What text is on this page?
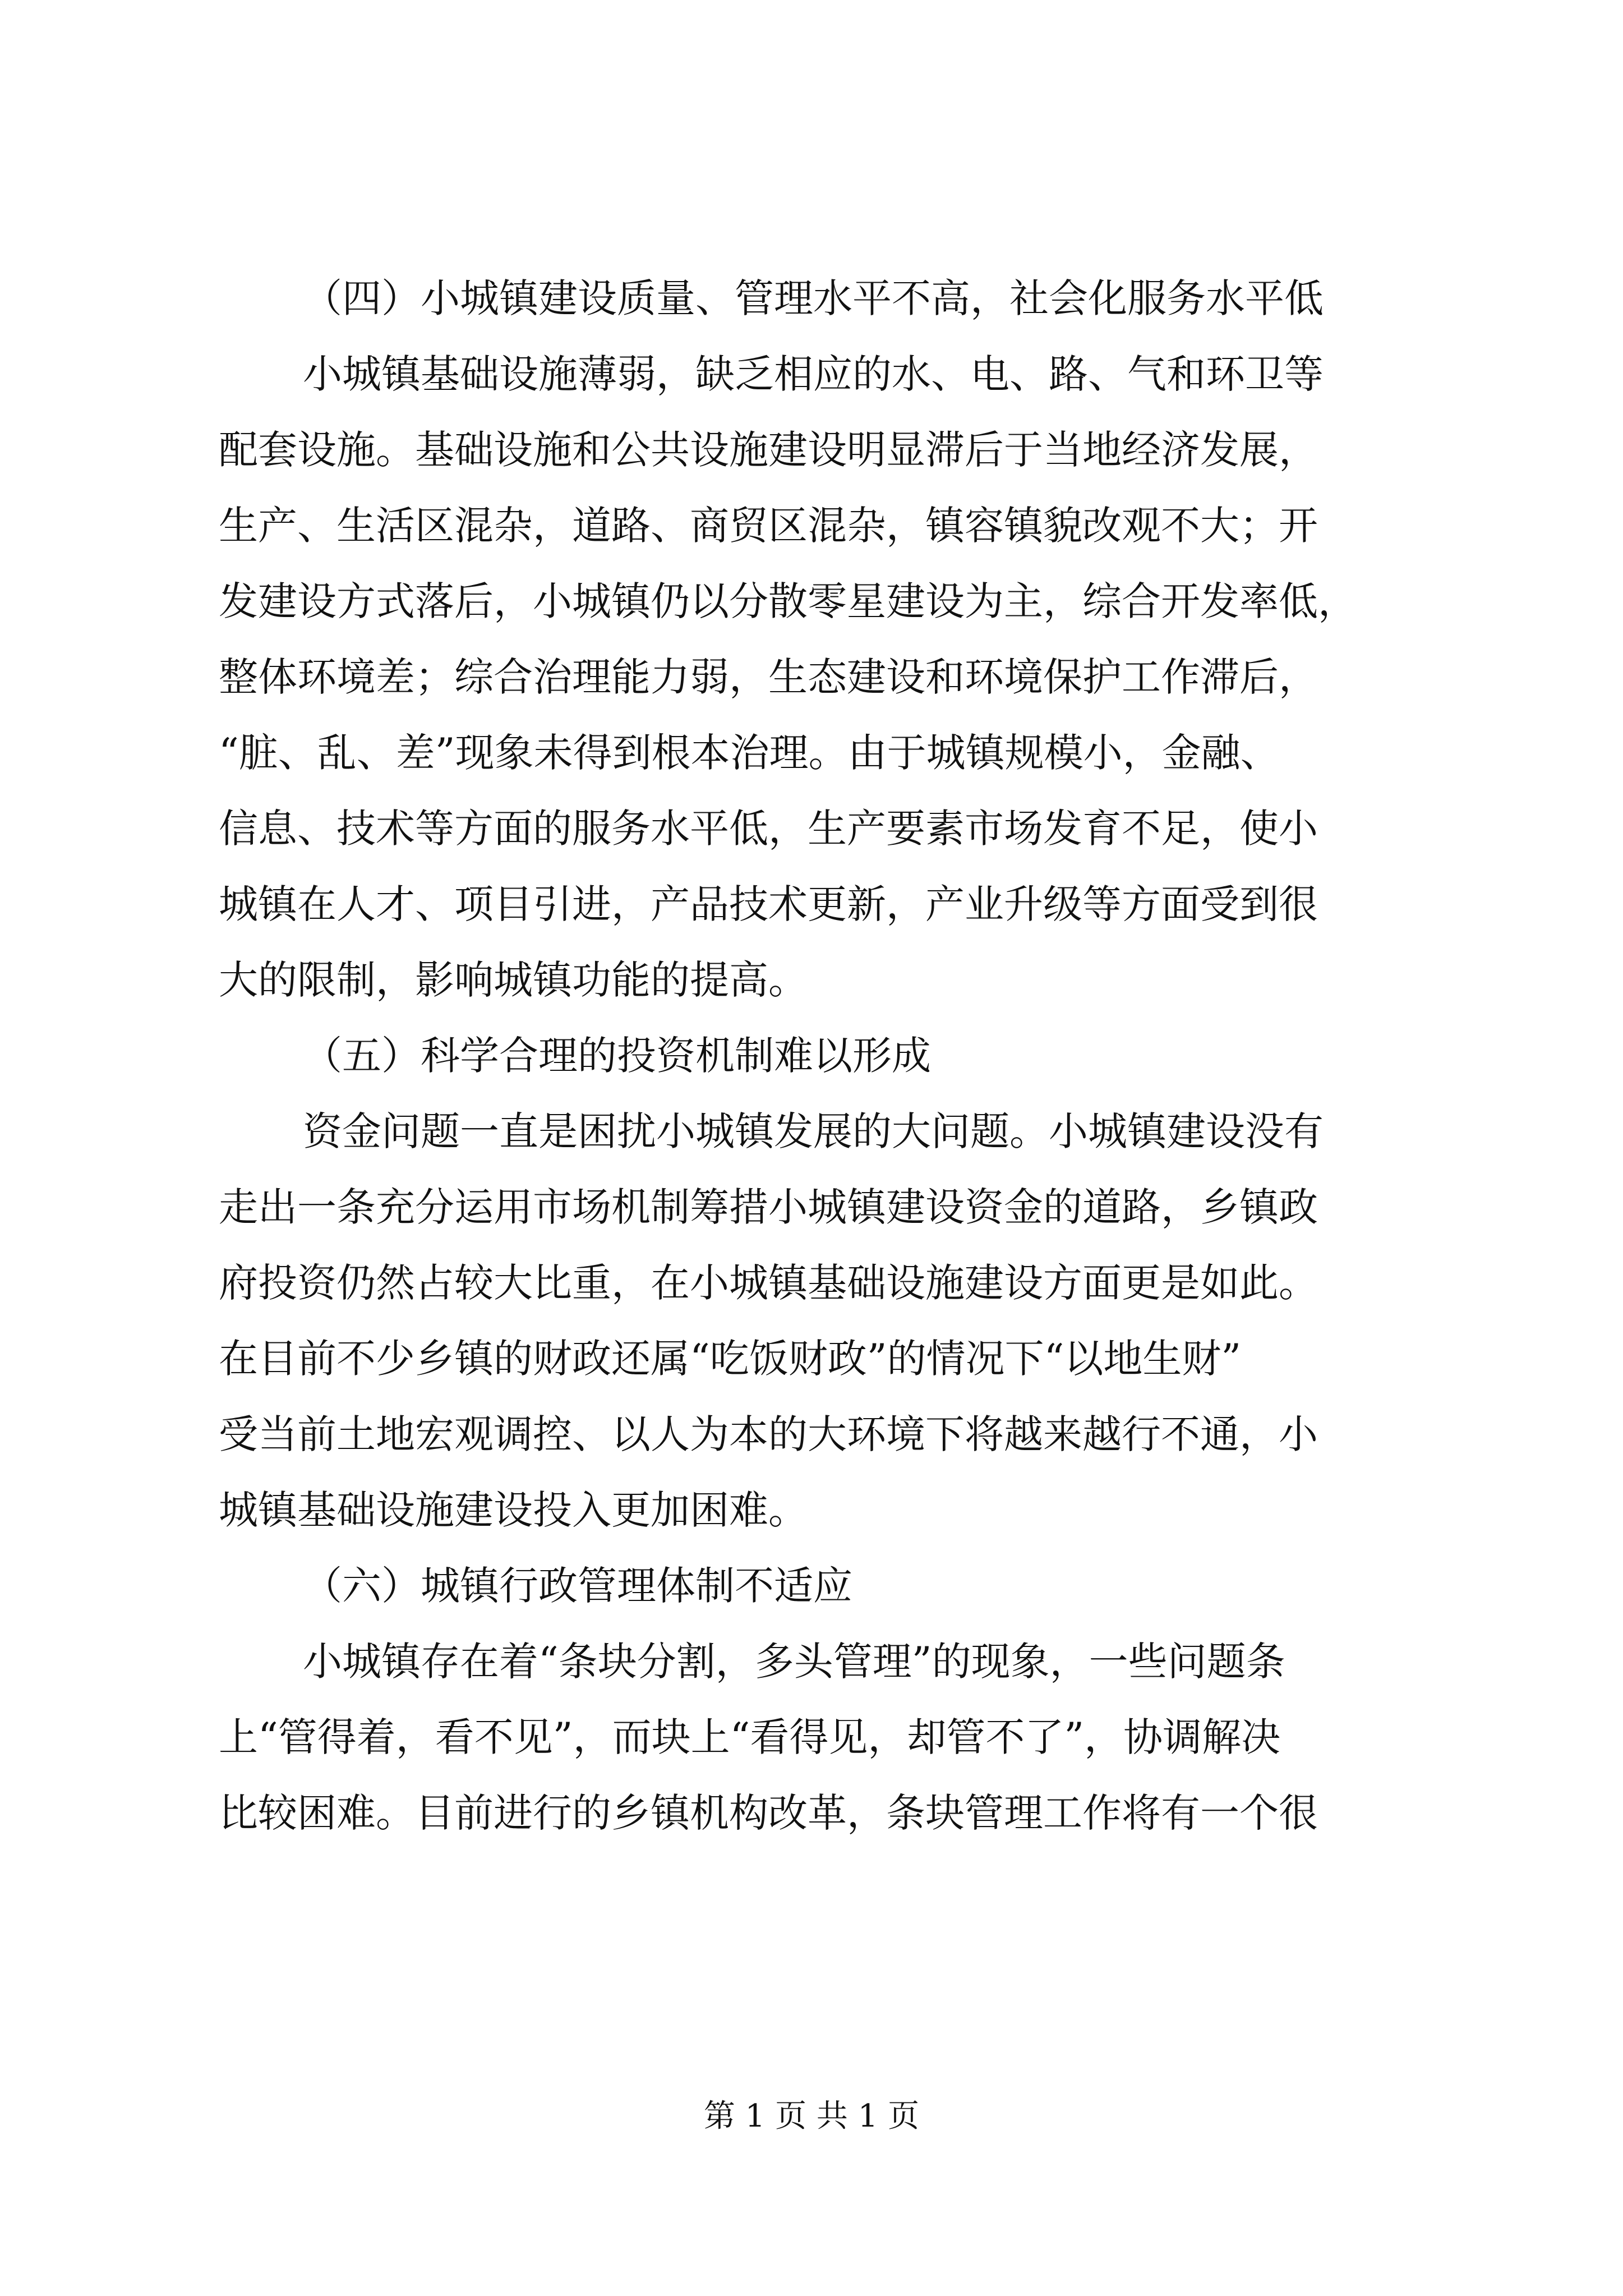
（四）小城镇建设质量、管理水平不高，社会化服务水平低
小城镇基础设施薄弱，缺乏相应的水、电、路、气和环卫等
配套设施。基础设施和公共设施建设明显滞后于当地经济发展，
生产、生活区混杂，道路、商贸区混杂，镇容镇貌改观不大；开
发建设方式落后，小城镇仍以分散零星建设为主，综合开发率低，
整体环境差；综合治理能力弱，生态建设和环境保护工作滞后，
“脏、乱、差”现象未得到根本治理。由于城镇规模小，金融、
信息、技术等方面的服务水平低，生产要素市场发育不足，使小
城镇在人才、项目引进，产品技术更新，产业升级等方面受到很
大的限制，影响城镇功能的提高。
（五）科学合理的投资机制难以形成
资金问题一直是困扰小城镇发展的大问题。小城镇建设没有
走出一条充分运用市场机制筹措小城镇建设资金的道路，乡镇政
府投资仍然占较大比重，在小城镇基础设施建设方面更是如此。
在目前不少乡镇的财政还属“吃饭财政”的情况下“以地生财”
受当前土地宏观调控、以人为本的大环境下将越来越行不通，小
城镇基础设施建设投入更加困难。
（六）城镇行政管理体制不适应
小城镇存在着“条块分割，多头管理”的现象，一些问题条
上“管得着，看不见”，而块上“看得见，却管不了”，协调解决
比较困难。目前进行的乡镇机构改革，条块管理工作将有一个很
第 1 页 共 1 页
